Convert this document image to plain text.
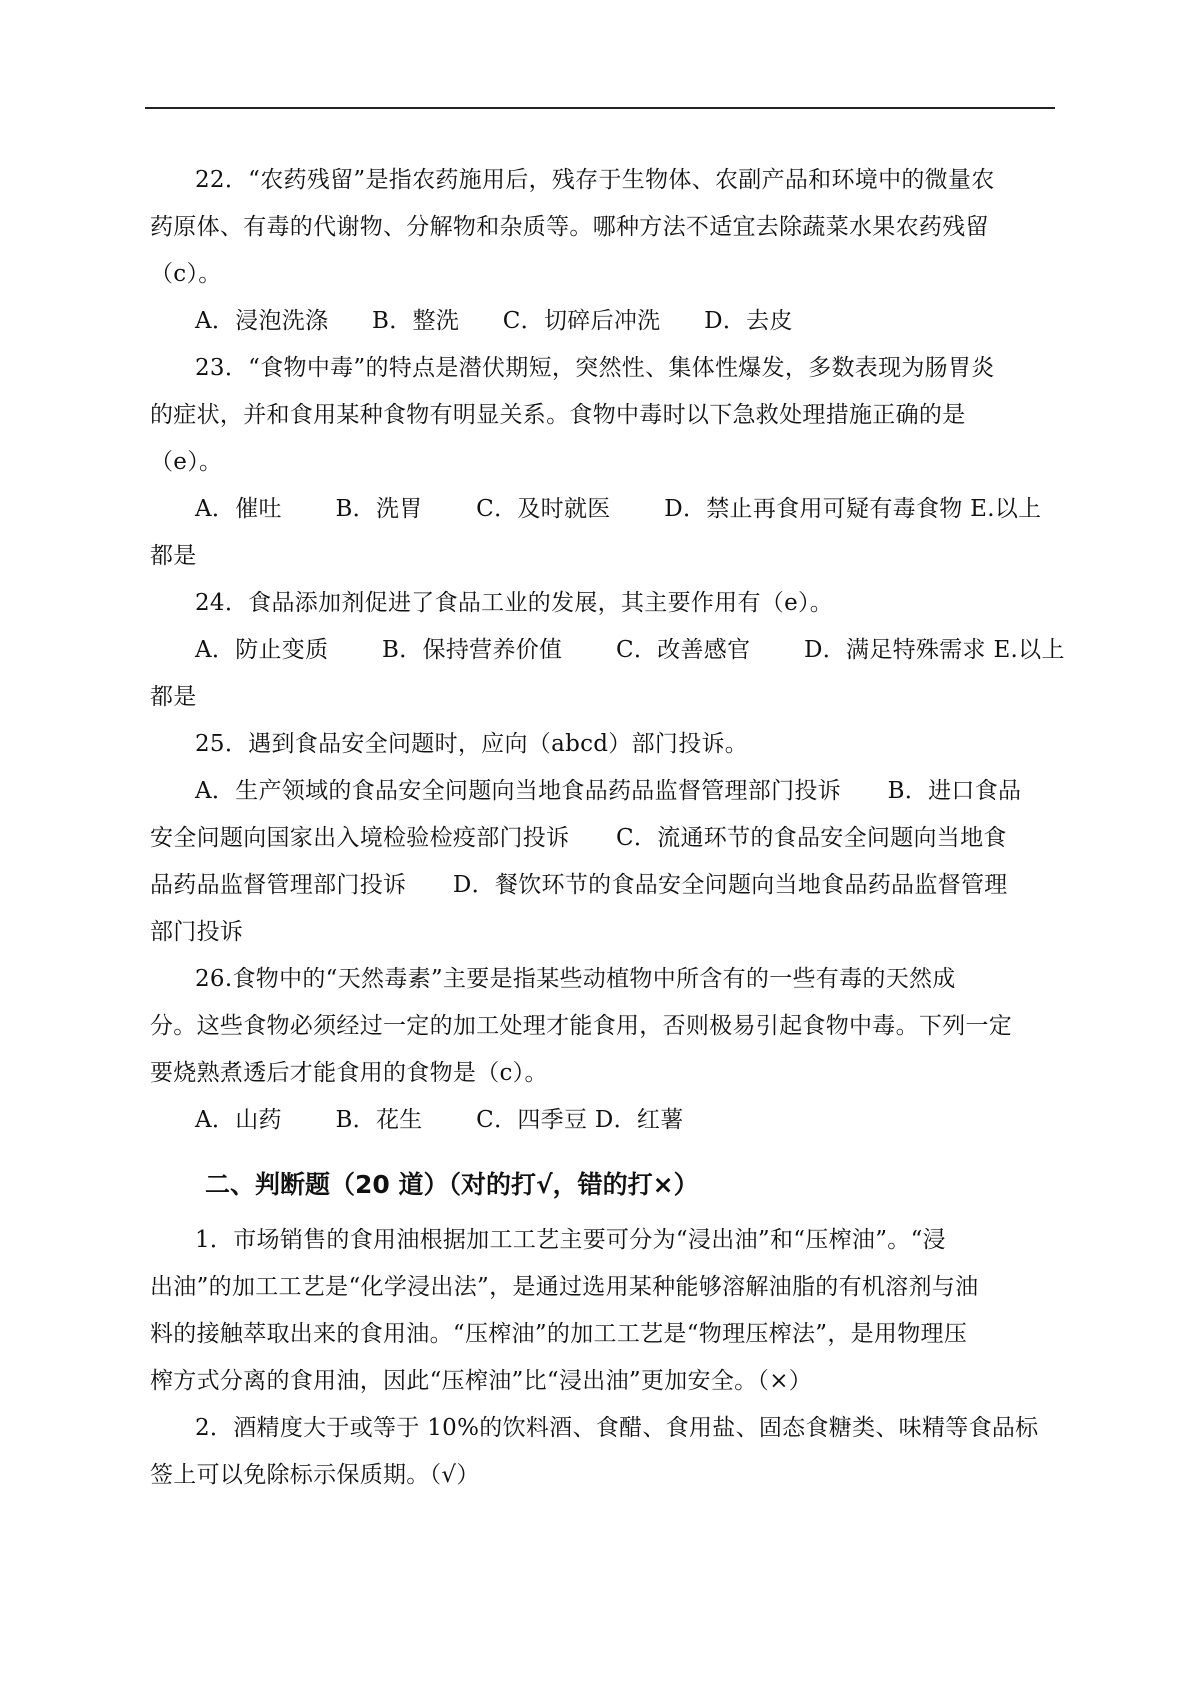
22．“农药残留”是指农药施用后，残存于生物体、农副产品和环境中的微量农
药原体、有毒的代谢物、分解物和杂质等。哪种方法不适宜去除蔬菜水果农药残留
（c）。
A．浸泡洗涤 B．整洗 C．切碎后冲洗 D．去皮
23．“食物中毒”的特点是潜伏期短，突然性、集体性爆发，多数表现为肠胃炎
的症状，并和食用某种食物有明显关系。食物中毒时以下急救处理措施正确的是
（e）。
A．催吐 B．洗胃 C．及时就医 D．禁止再食用可疑有毒食物 E.以上
都是
24．食品添加剂促进了食品工业的发展，其主要作用有（e）。
A．防止变质 B．保持营养价值 C．改善感官 D．满足特殊需求 E.以上
都是
25．遇到食品安全问题时，应向（abcd）部门投诉。
A．生产领域的食品安全问题向当地食品药品监督管理部门投诉　　B．进口食品
安全问题向国家出入境检验检疫部门投诉　　C．流通环节的食品安全问题向当地食
品药品监督管理部门投诉　　D．餐饮环节的食品安全问题向当地食品药品监督管理
部门投诉
26.食物中的“天然毒素”主要是指某些动植物中所含有的一些有毒的天然成
分。这些食物必须经过一定的加工处理才能食用，否则极易引起食物中毒。下列一定
要烧熟煮透后才能食用的食物是（c）。
A．山药 B．花生 C．四季豆 D．红薯
二、判断题（20 道）（对的打√，错的打×）
1．市场销售的食用油根据加工工艺主要可分为“浸出油”和“压榨油”。“浸
出油”的加工工艺是“化学浸出法”，是通过选用某种能够溶解油脂的有机溶剂与油
料的接触萃取出来的食用油。“压榨油”的加工工艺是“物理压榨法”，是用物理压
榨方式分离的食用油，因此“压榨油”比“浸出油”更加安全。（×）
2．酒精度大于或等于 10%的饮料酒、食醋、食用盐、固态食糖类、味精等食品标
签上可以免除标示保质期。（√）
